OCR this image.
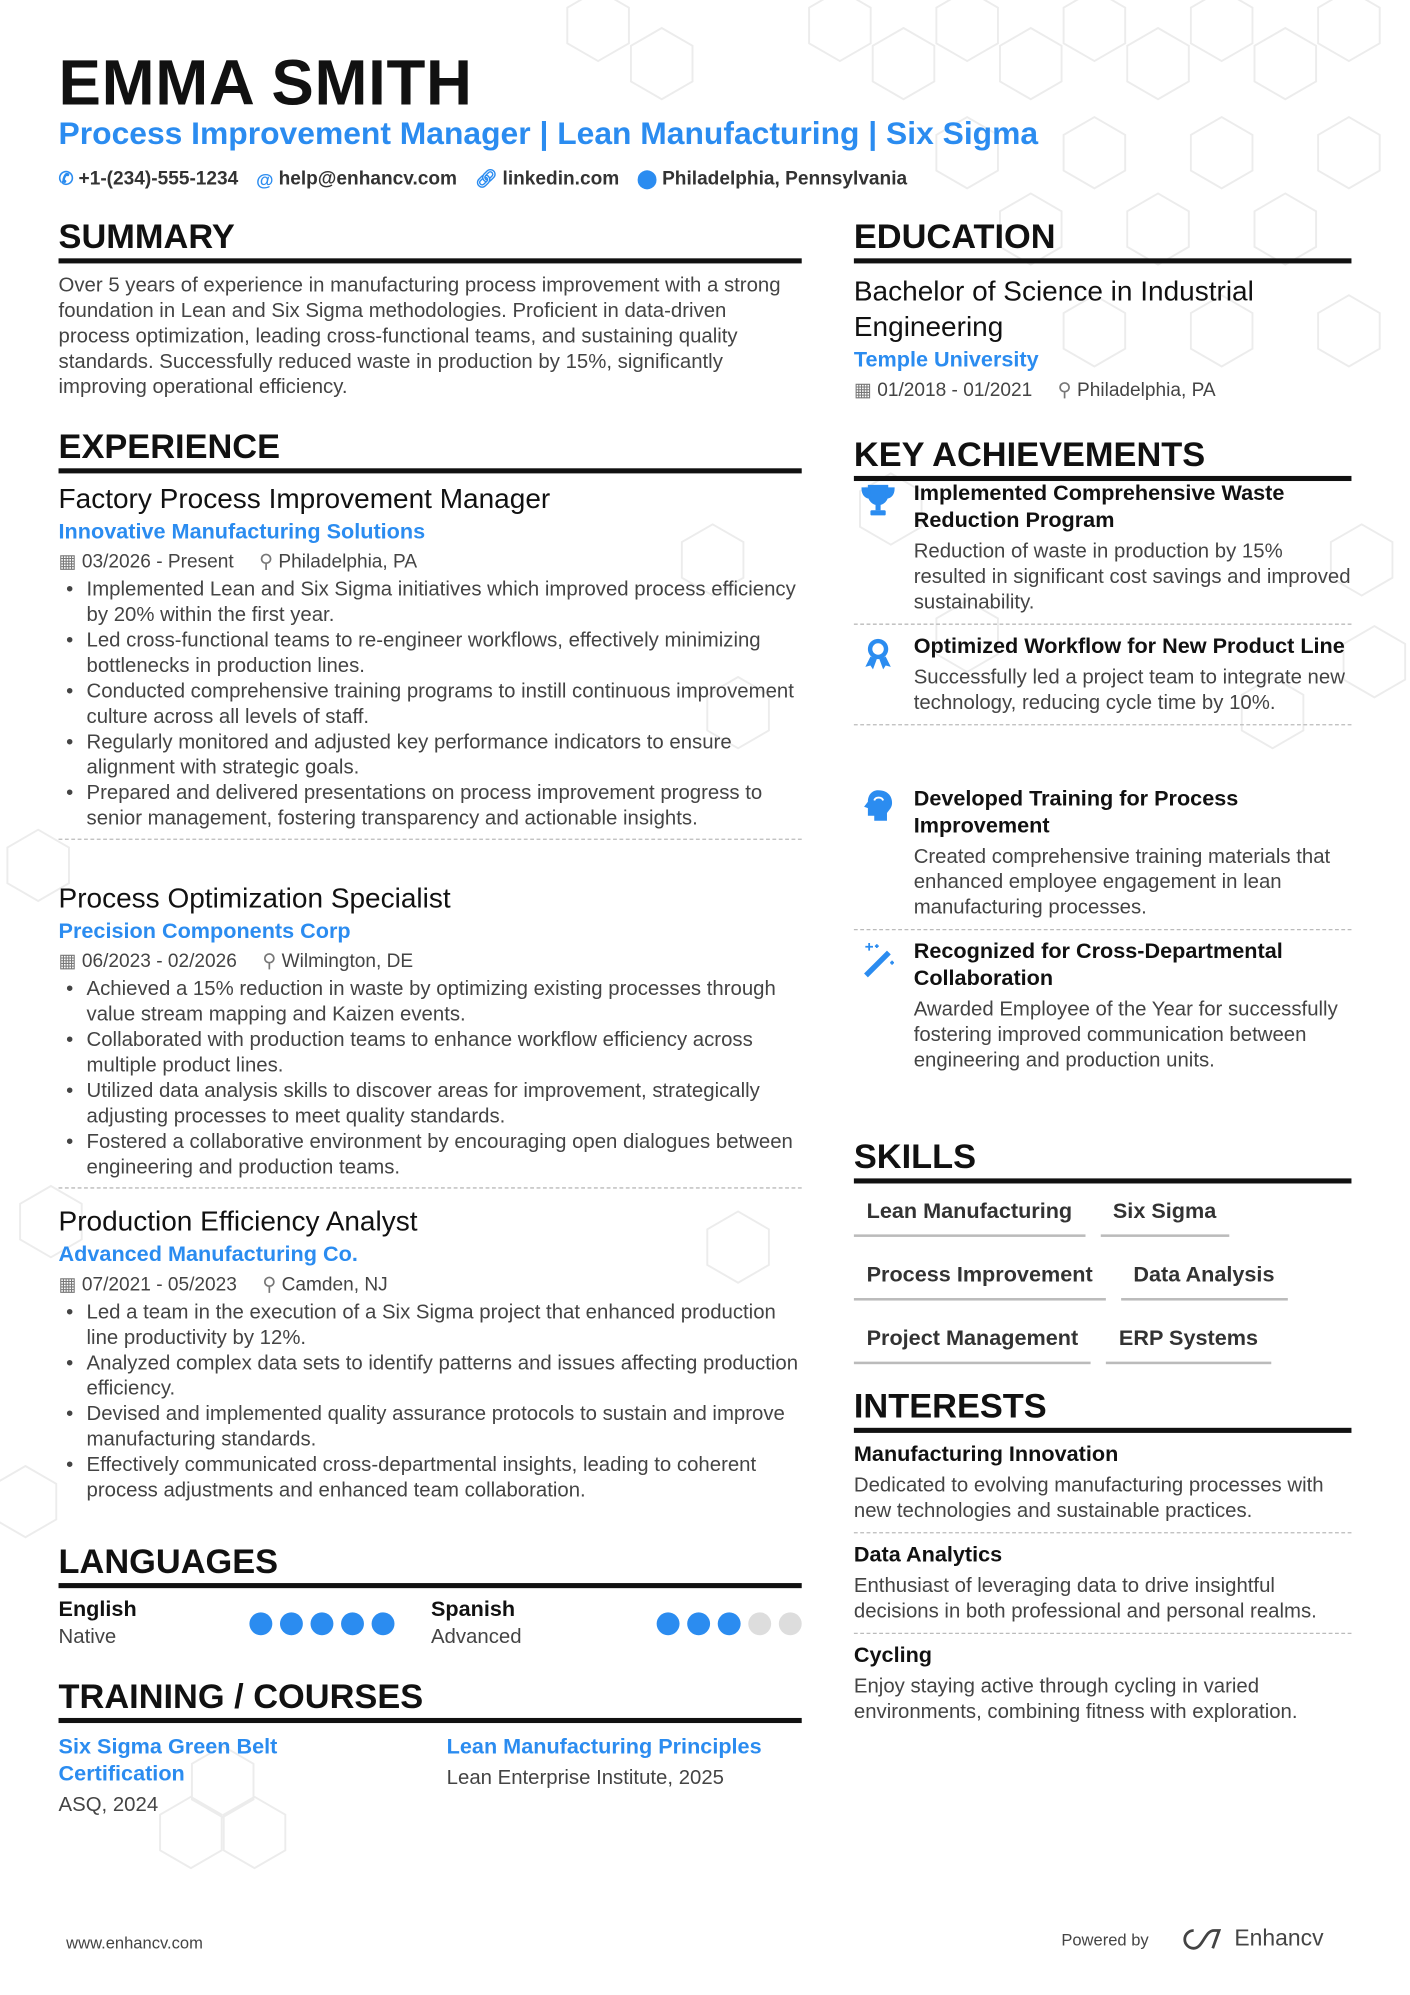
EMMA SMITH
Process Improvement Manager | Lean Manufacturing | Six Sigma
✆ +1-(234)-555-1234 @ help@enhancv.com 🔗︎ linkedin.com ⬤ Philadelphia, Pennsylvania
SUMMARY
Over 5 years of experience in manufacturing process improvement with a strong foundation in Lean and Six Sigma methodologies. Proficient in data-driven process optimization, leading cross-functional teams, and sustaining quality standards. Successfully reduced waste in production by 15%, significantly improving operational efficiency.
EXPERIENCE
Factory Process Improvement Manager
Innovative Manufacturing Solutions
▦ 03/2026 - Present ⚲ Philadelphia, PA
• Implemented Lean and Six Sigma initiatives which improved process efficiency by 20% within the first year.
• Led cross-functional teams to re-engineer workflows, effectively minimizing bottlenecks in production lines.
• Conducted comprehensive training programs to instill continuous improvement culture across all levels of staff.
• Regularly monitored and adjusted key performance indicators to ensure alignment with strategic goals.
• Prepared and delivered presentations on process improvement progress to senior management, fostering transparency and actionable insights.
Process Optimization Specialist
Precision Components Corp
▦ 06/2023 - 02/2026 ⚲ Wilmington, DE
• Achieved a 15% reduction in waste by optimizing existing processes through value stream mapping and Kaizen events.
• Collaborated with production teams to enhance workflow efficiency across multiple product lines.
• Utilized data analysis skills to discover areas for improvement, strategically adjusting processes to meet quality standards.
• Fostered a collaborative environment by encouraging open dialogues between engineering and production teams.
Production Efficiency Analyst
Advanced Manufacturing Co.
▦ 07/2021 - 05/2023 ⚲ Camden, NJ
• Led a team in the execution of a Six Sigma project that enhanced production line productivity by 12%.
• Analyzed complex data sets to identify patterns and issues affecting production efficiency.
• Devised and implemented quality assurance protocols to sustain and improve manufacturing standards.
• Effectively communicated cross-departmental insights, leading to coherent process adjustments and enhanced team collaboration.
LANGUAGES
English
Native
Spanish
Advanced
TRAINING / COURSES
Six Sigma Green Belt Certification
ASQ, 2024
Lean Manufacturing Principles
Lean Enterprise Institute, 2025
EDUCATION
Bachelor of Science in Industrial Engineering
Temple University
▦ 01/2018 - 01/2021 ⚲ Philadelphia, PA
KEY ACHIEVEMENTS
Implemented Comprehensive Waste Reduction Program
Reduction of waste in production by 15% resulted in significant cost savings and improved sustainability.
Optimized Workflow for New Product Line
Successfully led a project team to integrate new technology, reducing cycle time by 10%.
Developed Training for Process Improvement
Created comprehensive training materials that enhanced employee engagement in lean manufacturing processes.
Recognized for Cross-Departmental Collaboration
Awarded Employee of the Year for successfully fostering improved communication between engineering and production units.
SKILLS
Lean Manufacturing	Six Sigma
Process Improvement	Data Analysis
Project Management	ERP Systems
INTERESTS
Manufacturing Innovation
Dedicated to evolving manufacturing processes with new technologies and sustainable practices.
Data Analytics
Enthusiast of leveraging data to drive insightful decisions in both professional and personal realms.
Cycling
Enjoy staying active through cycling in varied environments, combining fitness with exploration.
www.enhancv.com	Powered by	Enhancv
